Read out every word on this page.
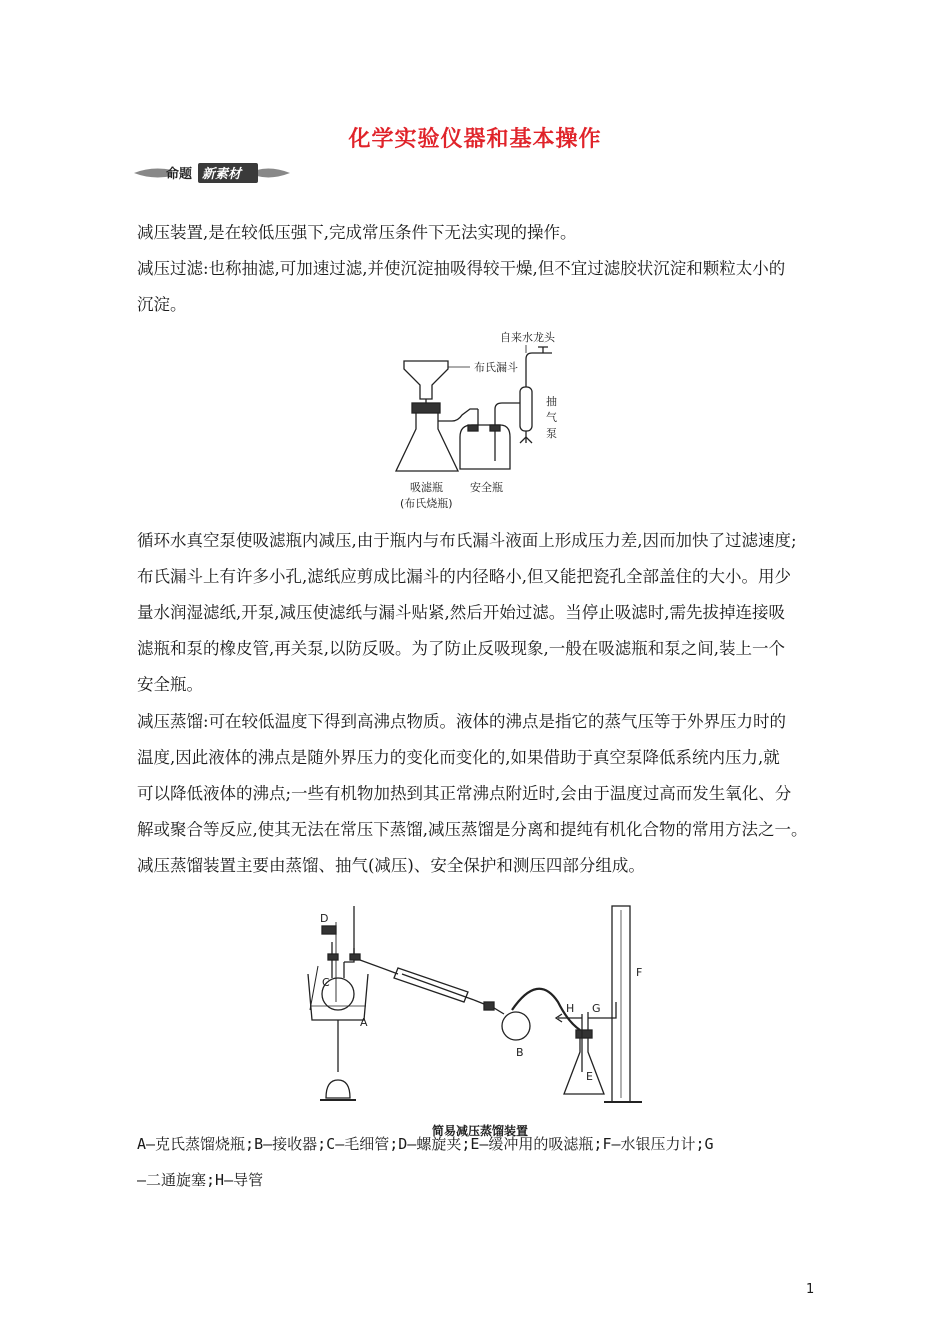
化学实验仪器和基本操作
命题 新素材

减压装置,是在较低压强下,完成常压条件下无法实现的操作。
减压过滤:也称抽滤,可加速过滤,并使沉淀抽吸得较干燥,但不宜过滤胶状沉淀和颗粒太小的
沉淀。

自来水龙头
布氏漏斗
抽
气
泵
吸滤瓶
(布氏烧瓶)
安全瓶

循环水真空泵使吸滤瓶内减压,由于瓶内与布氏漏斗液面上形成压力差,因而加快了过滤速度;
布氏漏斗上有许多小孔,滤纸应剪成比漏斗的内径略小,但又能把瓷孔全部盖住的大小。用少
量水润湿滤纸,开泵,减压使滤纸与漏斗贴紧,然后开始过滤。当停止吸滤时,需先拔掉连接吸
滤瓶和泵的橡皮管,再关泵,以防反吸。为了防止反吸现象,一般在吸滤瓶和泵之间,装上一个
安全瓶。

减压蒸馏:可在较低温度下得到高沸点物质。液体的沸点是指它的蒸气压等于外界压力时的
温度,因此液体的沸点是随外界压力的变化而变化的,如果借助于真空泵降低系统内压力,就
可以降低液体的沸点;一些有机物加热到其正常沸点附近时,会由于温度过高而发生氧化、分
解或聚合等反应,使其无法在常压下蒸馏,减压蒸馏是分离和提纯有机化合物的常用方法之一。
减压蒸馏装置主要由蒸馏、抽气(减压)、安全保护和测压四部分组成。

D
C
A
B
E
F
G
H
简易减压蒸馏装置

A—克氏蒸馏烧瓶;B—接收器;C—毛细管;D—螺旋夹;E—缓冲用的吸滤瓶;F—水银压力计;G
—二通旋塞;H—导管

1
